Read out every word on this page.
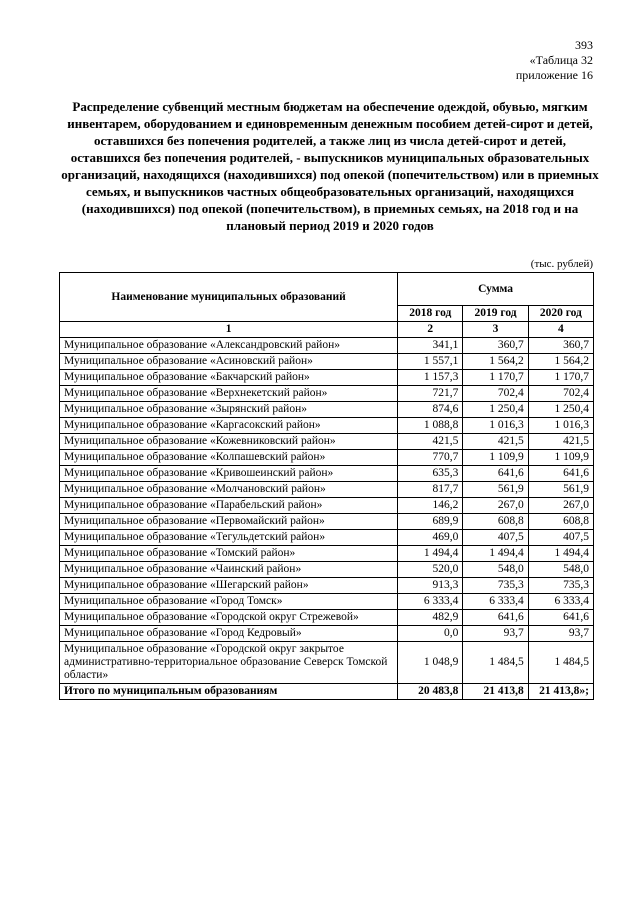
393
«Таблица 32
приложение 16
Распределение субвенций местным бюджетам на обеспечение одеждой, обувью, мягким инвентарем, оборудованием и единовременным денежным пособием детей-сирот и детей, оставшихся без попечения родителей, а также лиц из числа детей-сирот и детей, оставшихся без попечения родителей, - выпускников муниципальных образовательных организаций, находящихся (находившихся) под опекой (попечительством) или в приемных семьях, и выпускников частных общеобразовательных организаций, находящихся (находившихся) под опекой (попечительством), в приемных семьях, на 2018 год и на плановый период 2019 и 2020 годов
(тыс. рублей)
Наименование муниципальных образований	Сумма		
	2018 год	2019 год	2020 год
1	2	3	4
Муниципальное образование «Александровский район»	341,1	360,7	360,7
Муниципальное образование «Асиновский район»	1 557,1	1 564,2	1 564,2
Муниципальное образование «Бакчарский район»	1 157,3	1 170,7	1 170,7
Муниципальное образование «Верхнекетский район»	721,7	702,4	702,4
Муниципальное образование «Зырянский район»	874,6	1 250,4	1 250,4
Муниципальное образование «Каргасокский район»	1 088,8	1 016,3	1 016,3
Муниципальное образование «Кожевниковский район»	421,5	421,5	421,5
Муниципальное образование «Колпашевский район»	770,7	1 109,9	1 109,9
Муниципальное образование «Кривошеинский район»	635,3	641,6	641,6
Муниципальное образование «Молчановский район»	817,7	561,9	561,9
Муниципальное образование «Парабельский район»	146,2	267,0	267,0
Муниципальное образование «Первомайский район»	689,9	608,8	608,8
Муниципальное образование «Тегульдетский район»	469,0	407,5	407,5
Муниципальное образование «Томский район»	1 494,4	1 494,4	1 494,4
Муниципальное образование «Чаинский район»	520,0	548,0	548,0
Муниципальное образование «Шегарский район»	913,3	735,3	735,3
Муниципальное образование «Город Томск»	6 333,4	6 333,4	6 333,4
Муниципальное образование «Городской округ Стрежевой»	482,9	641,6	641,6
Муниципальное образование «Город Кедровый»	0,0	93,7	93,7
Муниципальное образование «Городской округ закрытое административно-территориальное образование Северск Томской области»	1 048,9	1 484,5	1 484,5
Итого по муниципальным образованиям	20 483,8	21 413,8	21 413,8»;
